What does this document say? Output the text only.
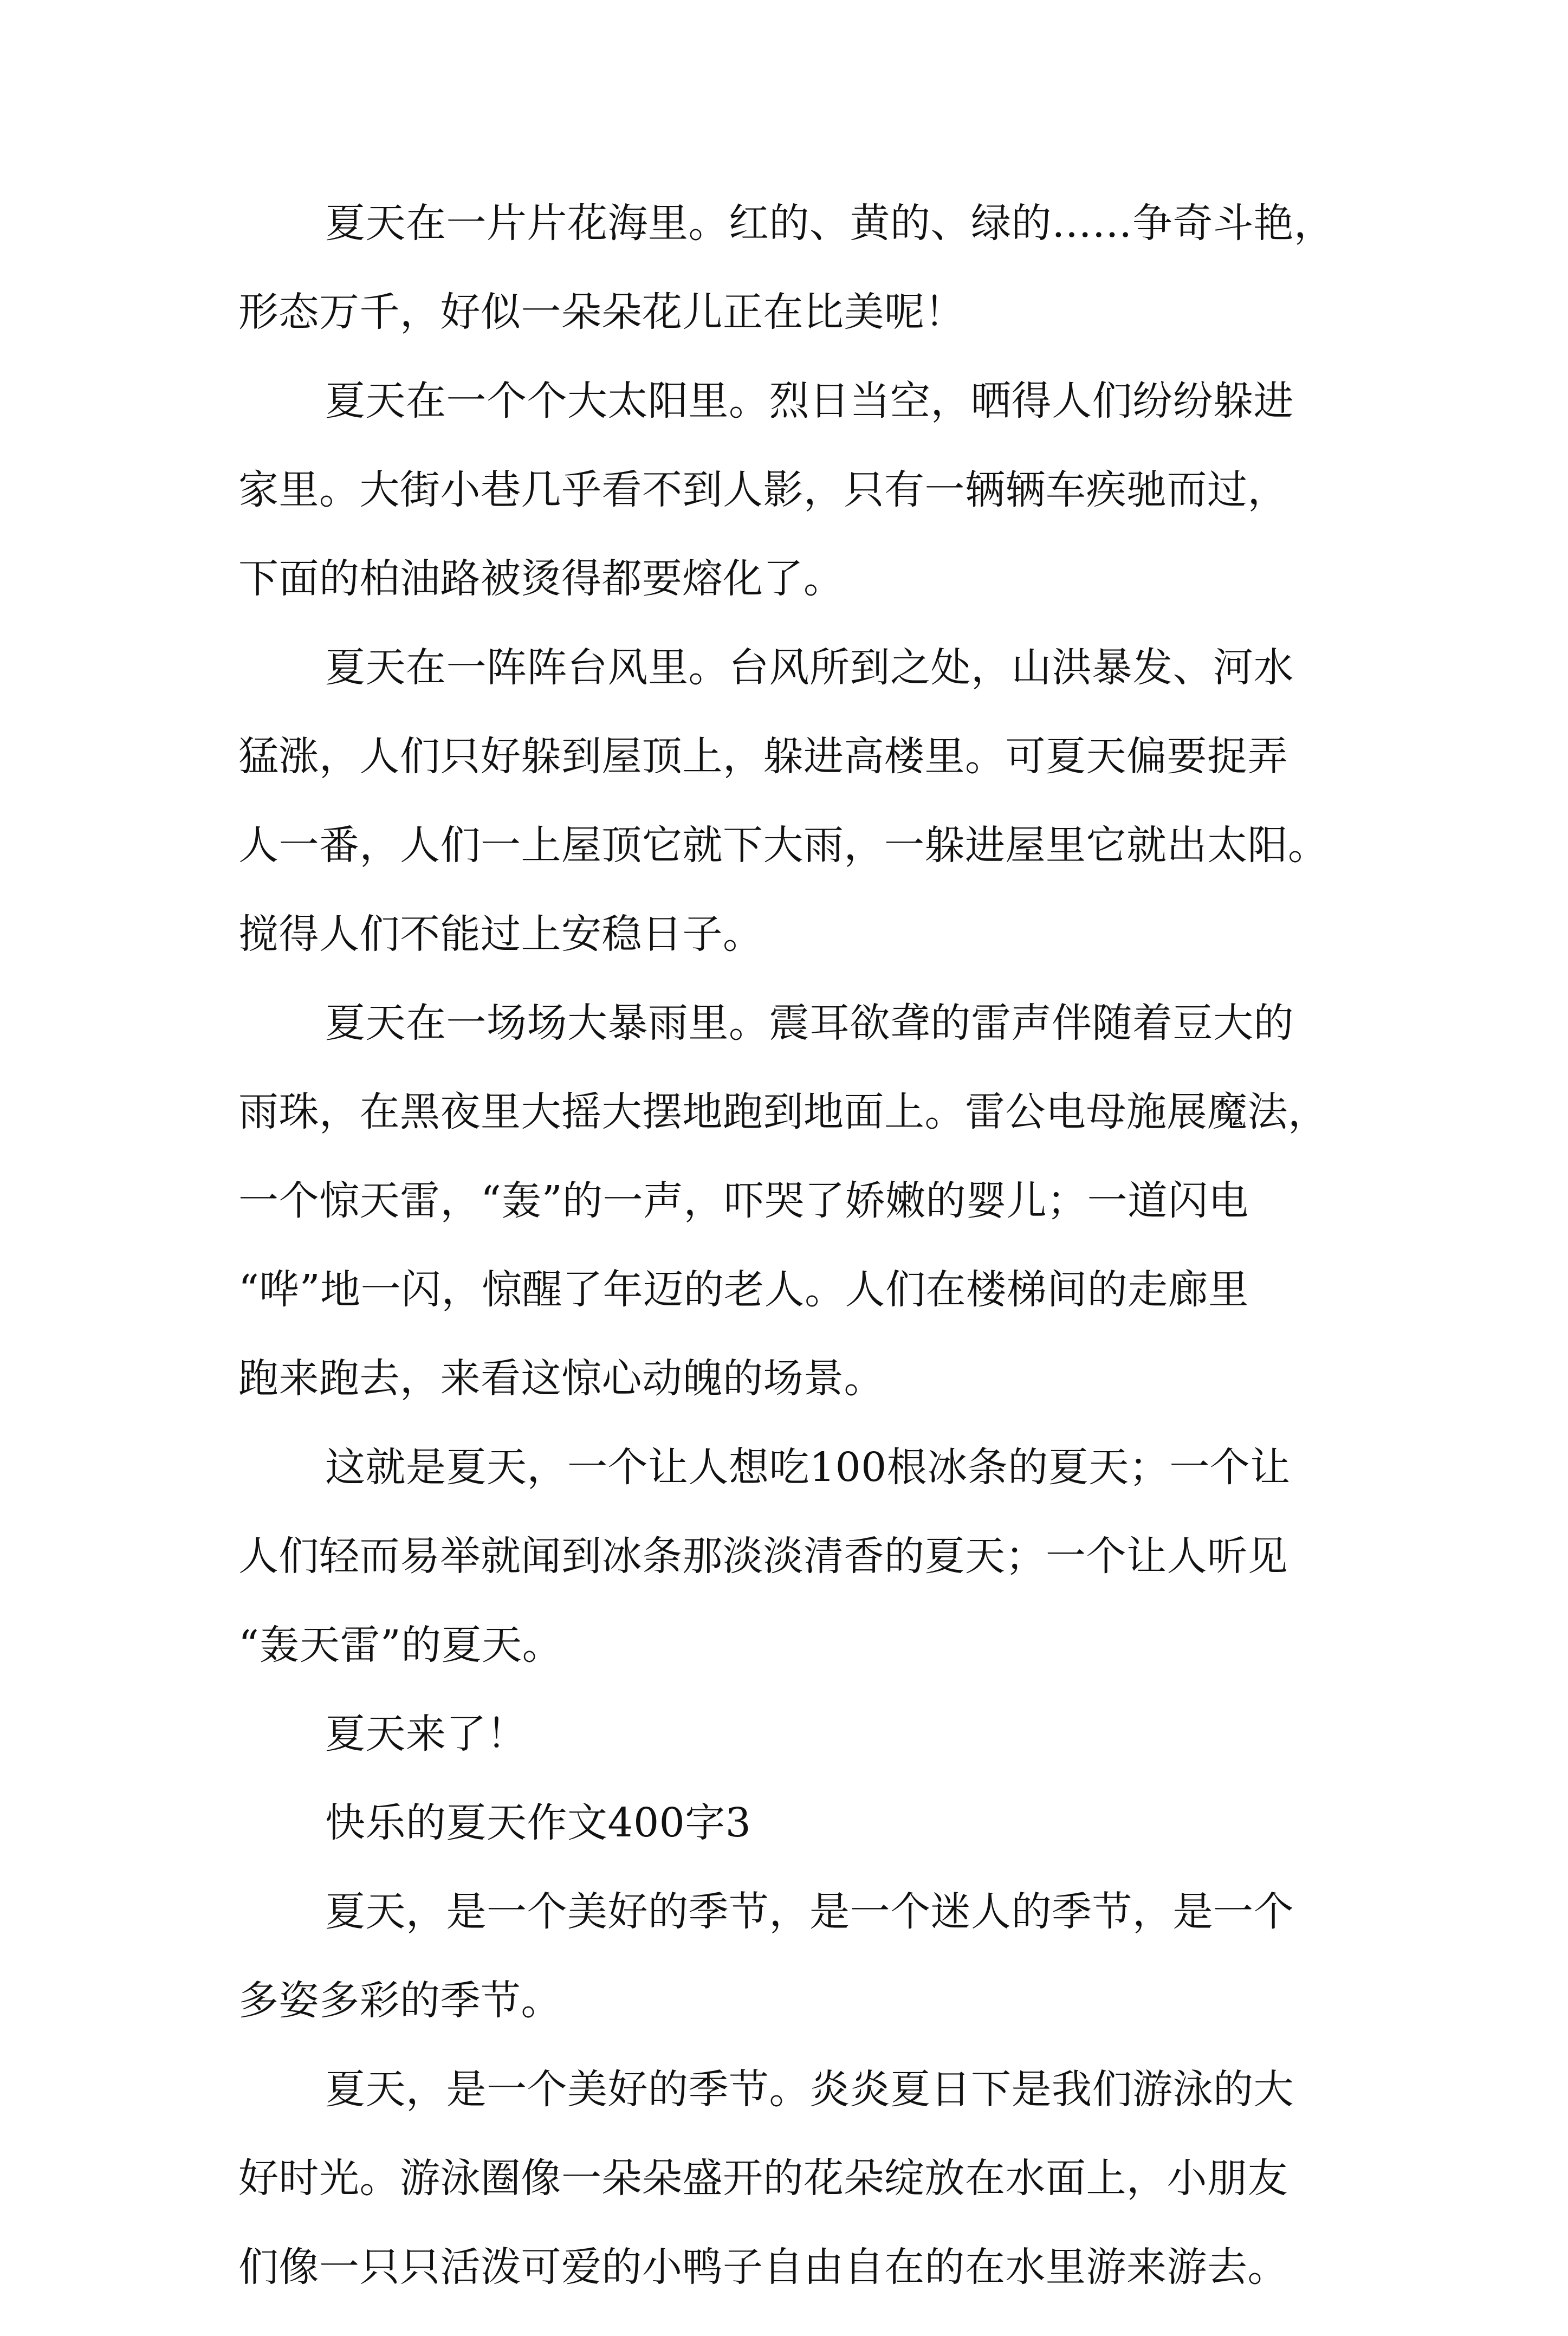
夏天在一片片花海里。红的、黄的、绿的……争奇斗艳，
形态万千，好似一朵朵花儿正在比美呢！
夏天在一个个大太阳里。烈日当空，晒得人们纷纷躲进
家里。大街小巷几乎看不到人影，只有一辆辆车疾驰而过，
下面的柏油路被烫得都要熔化了。
夏天在一阵阵台风里。台风所到之处，山洪暴发、河水
猛涨，人们只好躲到屋顶上，躲进高楼里。可夏天偏要捉弄
人一番，人们一上屋顶它就下大雨，一躲进屋里它就出太阳。
搅得人们不能过上安稳日子。
夏天在一场场大暴雨里。震耳欲聋的雷声伴随着豆大的
雨珠，在黑夜里大摇大摆地跑到地面上。雷公电母施展魔法，
一个惊天雷，“轰”的一声，吓哭了娇嫩的婴儿；一道闪电
“哗”地一闪，惊醒了年迈的老人。人们在楼梯间的走廊里
跑来跑去，来看这惊心动魄的场景。
这就是夏天，一个让人想吃100根冰条的夏天；一个让
人们轻而易举就闻到冰条那淡淡清香的夏天；一个让人听见
“轰天雷”的夏天。
夏天来了！
快乐的夏天作文400字3
夏天，是一个美好的季节，是一个迷人的季节，是一个
多姿多彩的季节。
夏天，是一个美好的季节。炎炎夏日下是我们游泳的大
好时光。游泳圈像一朵朵盛开的花朵绽放在水面上，小朋友
们像一只只活泼可爱的小鸭子自由自在的在水里游来游去。
